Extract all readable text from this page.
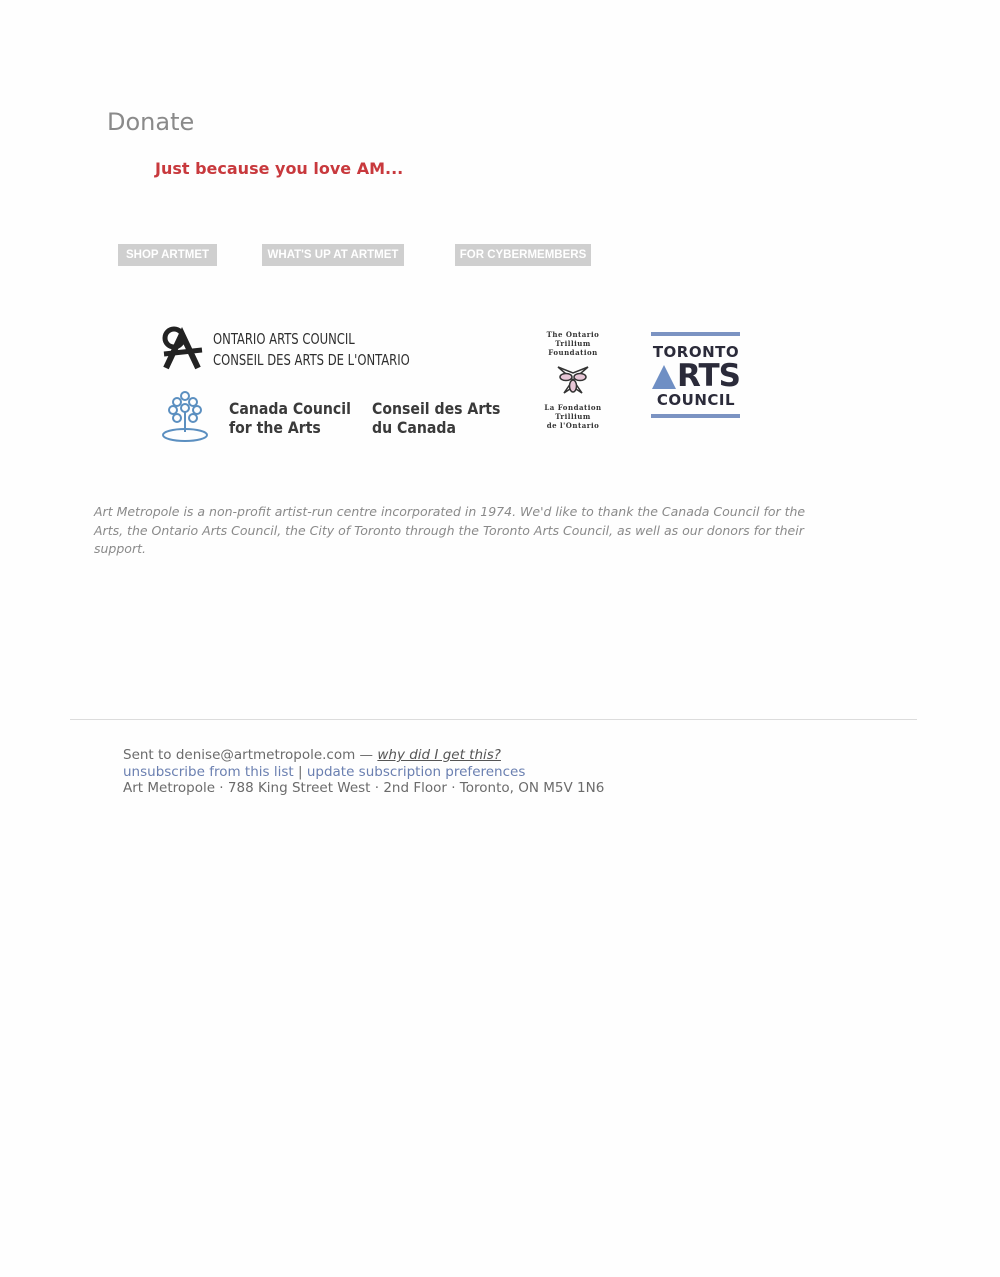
Donate
Just because you love AM...
SHOP ARTMET	WHAT'S UP AT ARTMET	FOR CYBERMEMBERS
ONTARIO ARTS COUNCIL
CONSEIL DES ARTS DE L'ONTARIO
Canada Council
for the Arts
Conseil des Arts
du Canada
The Ontario
Trillium
Foundation
La Fondation
Trillium
de l'Ontario
TORONTO
RTS
COUNCIL
Art Metropole is a non-profit artist-run centre incorporated in 1974. We'd like to thank the Canada Council for the Arts, the Ontario Arts Council, the City of Toronto through the Toronto Arts Council, as well as our donors for their support.
Sent to denise@artmetropole.com — why did I get this?
unsubscribe from this list | update subscription preferences
Art Metropole · 788 King Street West · 2nd Floor · Toronto, ON M5V 1N6
